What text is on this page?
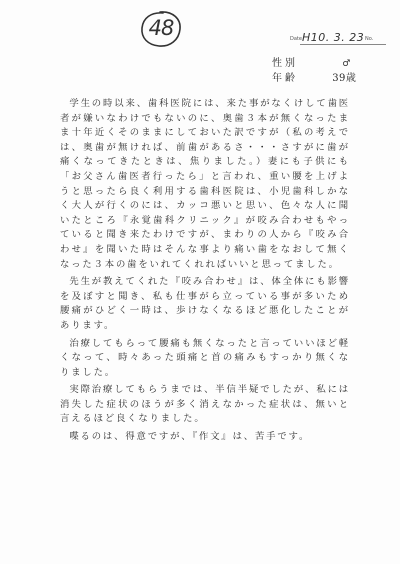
48	Date H10. 3. 23 No.
性別	♂
年齢	39歳

学生の時以来、歯科医院には、来た事がなくけして歯医者が嫌いなわけでもないのに、奥歯３本が無くなったまま十年近くそのままにしておいた訳ですが（私の考えでは、奥歯が無ければ、前歯があるさ・・・さすがに歯が痛くなってきたときは、焦りました。）妻にも子供にも「お父さん歯医者行ったら」と言われ、重い腰を上げようと思ったら良く利用する歯科医院は、小児歯科しかなく大人が行くのには、カッコ悪いと思い、色々な人に聞いたところ『永覚歯科クリニック』が咬み合わせもやっていると聞き来たわけですが、まわりの人から『咬み合わせ』を聞いた時はそんな事より痛い歯をなおして無くなった３本の歯をいれてくれればいいと思ってました。

先生が教えてくれた『咬み合わせ』は、体全体にも影響を及ぼすと聞き、私も仕事がら立っている事が多いため腰痛がひどく一時は、歩けなくなるほど悪化したことがあります。

治療してもらって腰痛も無くなったと言っていいほど軽くなって、時々あった頭痛と首の痛みもすっかり無くなりました。

実際治療してもらうまでは、半信半疑でしたが、私には消失した症状のほうが多く消えなかった症状は、無いと言えるほど良くなりました。

喋るのは、得意ですが、『作文』は、苦手です。
